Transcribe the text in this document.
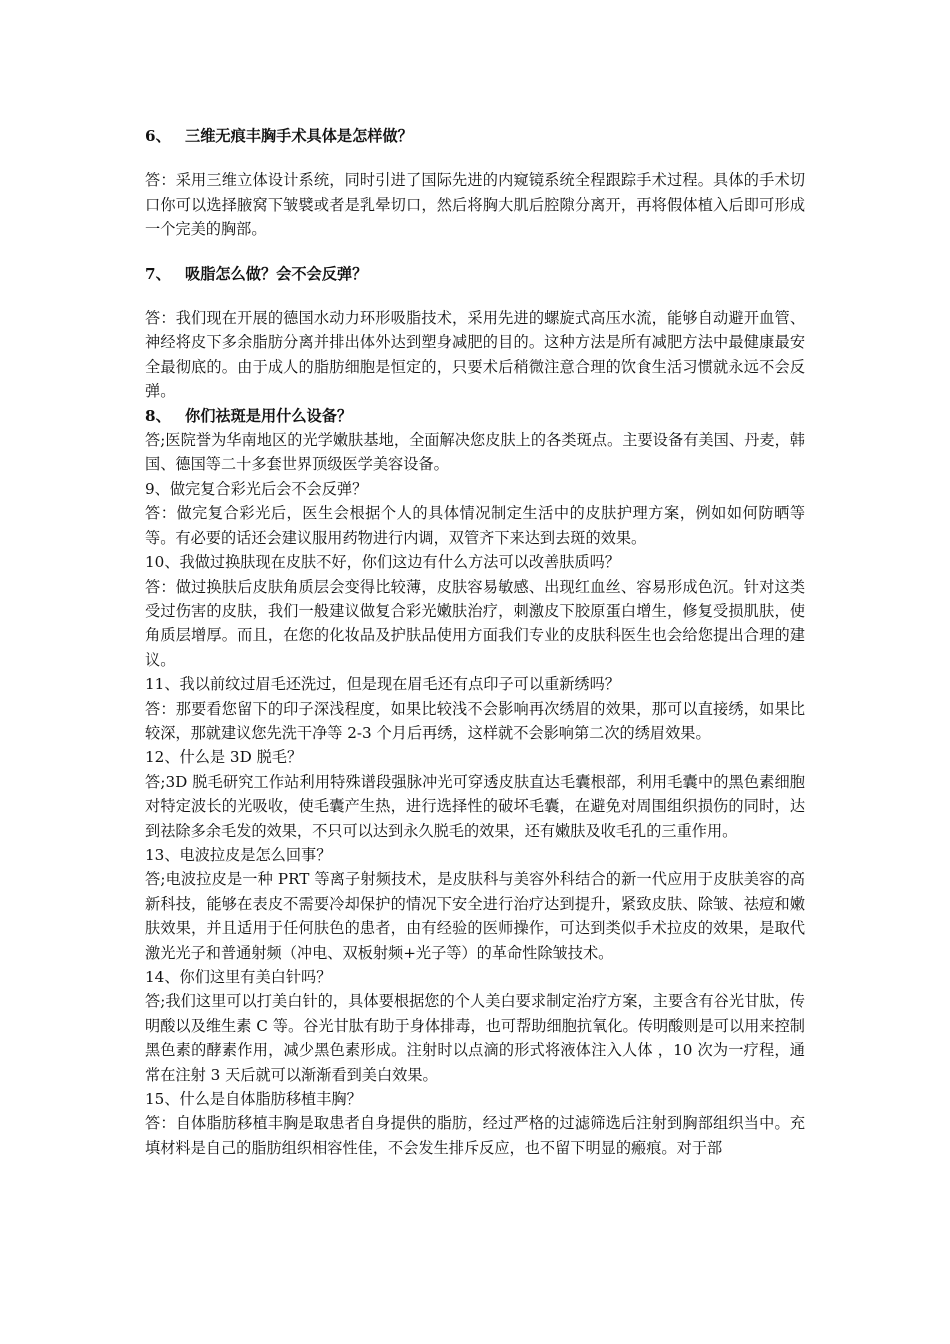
6、 三维无痕丰胸手术具体是怎样做？

答：采用三维立体设计系统，同时引进了国际先进的内窥镜系统全程跟踪手术过程。具体的手术切口你可以选择腋窝下皱襞或者是乳晕切口，然后将胸大肌后腔隙分离开，再将假体植入后即可形成一个完美的胸部。

7、 吸脂怎么做？会不会反弹？

答：我们现在开展的德国水动力环形吸脂技术，采用先进的螺旋式高压水流，能够自动避开血管、神经将皮下多余脂肪分离并排出体外达到塑身减肥的目的。这种方法是所有减肥方法中最健康最安全最彻底的。由于成人的脂肪细胞是恒定的，只要术后稍微注意合理的饮食生活习惯就永远不会反弹。

8、 你们祛斑是用什么设备？

答;医院誉为华南地区的光学嫩肤基地，全面解决您皮肤上的各类斑点。主要设备有美国、丹麦，韩国、德国等二十多套世界顶级医学美容设备。

9、做完复合彩光后会不会反弹？

答：做完复合彩光后，医生会根据个人的具体情况制定生活中的皮肤护理方案，例如如何防晒等等。有必要的话还会建议服用药物进行内调，双管齐下来达到去斑的效果。

10、我做过换肤现在皮肤不好，你们这边有什么方法可以改善肤质吗？

答：做过换肤后皮肤角质层会变得比较薄，皮肤容易敏感、出现红血丝、容易形成色沉。针对这类受过伤害的皮肤，我们一般建议做复合彩光嫩肤治疗，刺激皮下胶原蛋白增生，修复受损肌肤，使角质层增厚。而且，在您的化妆品及护肤品使用方面我们专业的皮肤科医生也会给您提出合理的建议。

11、我以前纹过眉毛还洗过，但是现在眉毛还有点印子可以重新绣吗？

答：那要看您留下的印子深浅程度，如果比较浅不会影响再次绣眉的效果，那可以直接绣，如果比较深，那就建议您先洗干净等 2-3 个月后再绣，这样就不会影响第二次的绣眉效果。

12、什么是 3D 脱毛？

答;3D 脱毛研究工作站利用特殊谱段强脉冲光可穿透皮肤直达毛囊根部，利用毛囊中的黑色素细胞对特定波长的光吸收，使毛囊产生热，进行选择性的破坏毛囊，在避免对周围组织损伤的同时，达到祛除多余毛发的效果，不只可以达到永久脱毛的效果，还有嫩肤及收毛孔的三重作用。

13、电波拉皮是怎么回事？

答;电波拉皮是一种 PRT 等离子射频技术，是皮肤科与美容外科结合的新一代应用于皮肤美容的高新科技，能够在表皮不需要冷却保护的情况下安全进行治疗达到提升，紧致皮肤、除皱、祛痘和嫩肤效果，并且适用于任何肤色的患者，由有经验的医师操作，可达到类似手术拉皮的效果，是取代激光光子和普通射频（冲电、双板射频+光子等）的革命性除皱技术。

14、你们这里有美白针吗？

答;我们这里可以打美白针的，具体要根据您的个人美白要求制定治疗方案，主要含有谷光甘肽，传明酸以及维生素 C 等。谷光甘肽有助于身体排毒，也可帮助细胞抗氧化。传明酸则是可以用来控制黑色素的酵素作用，减少黑色素形成。注射时以点滴的形式将液体注入人体 ，10 次为一疗程，通常在注射 3 天后就可以渐渐看到美白效果。

15、什么是自体脂肪移植丰胸？

答：自体脂肪移植丰胸是取患者自身提供的脂肪，经过严格的过滤筛选后注射到胸部组织当中。充填材料是自己的脂肪组织相容性佳，不会发生排斥反应，也不留下明显的瘢痕。对于部
